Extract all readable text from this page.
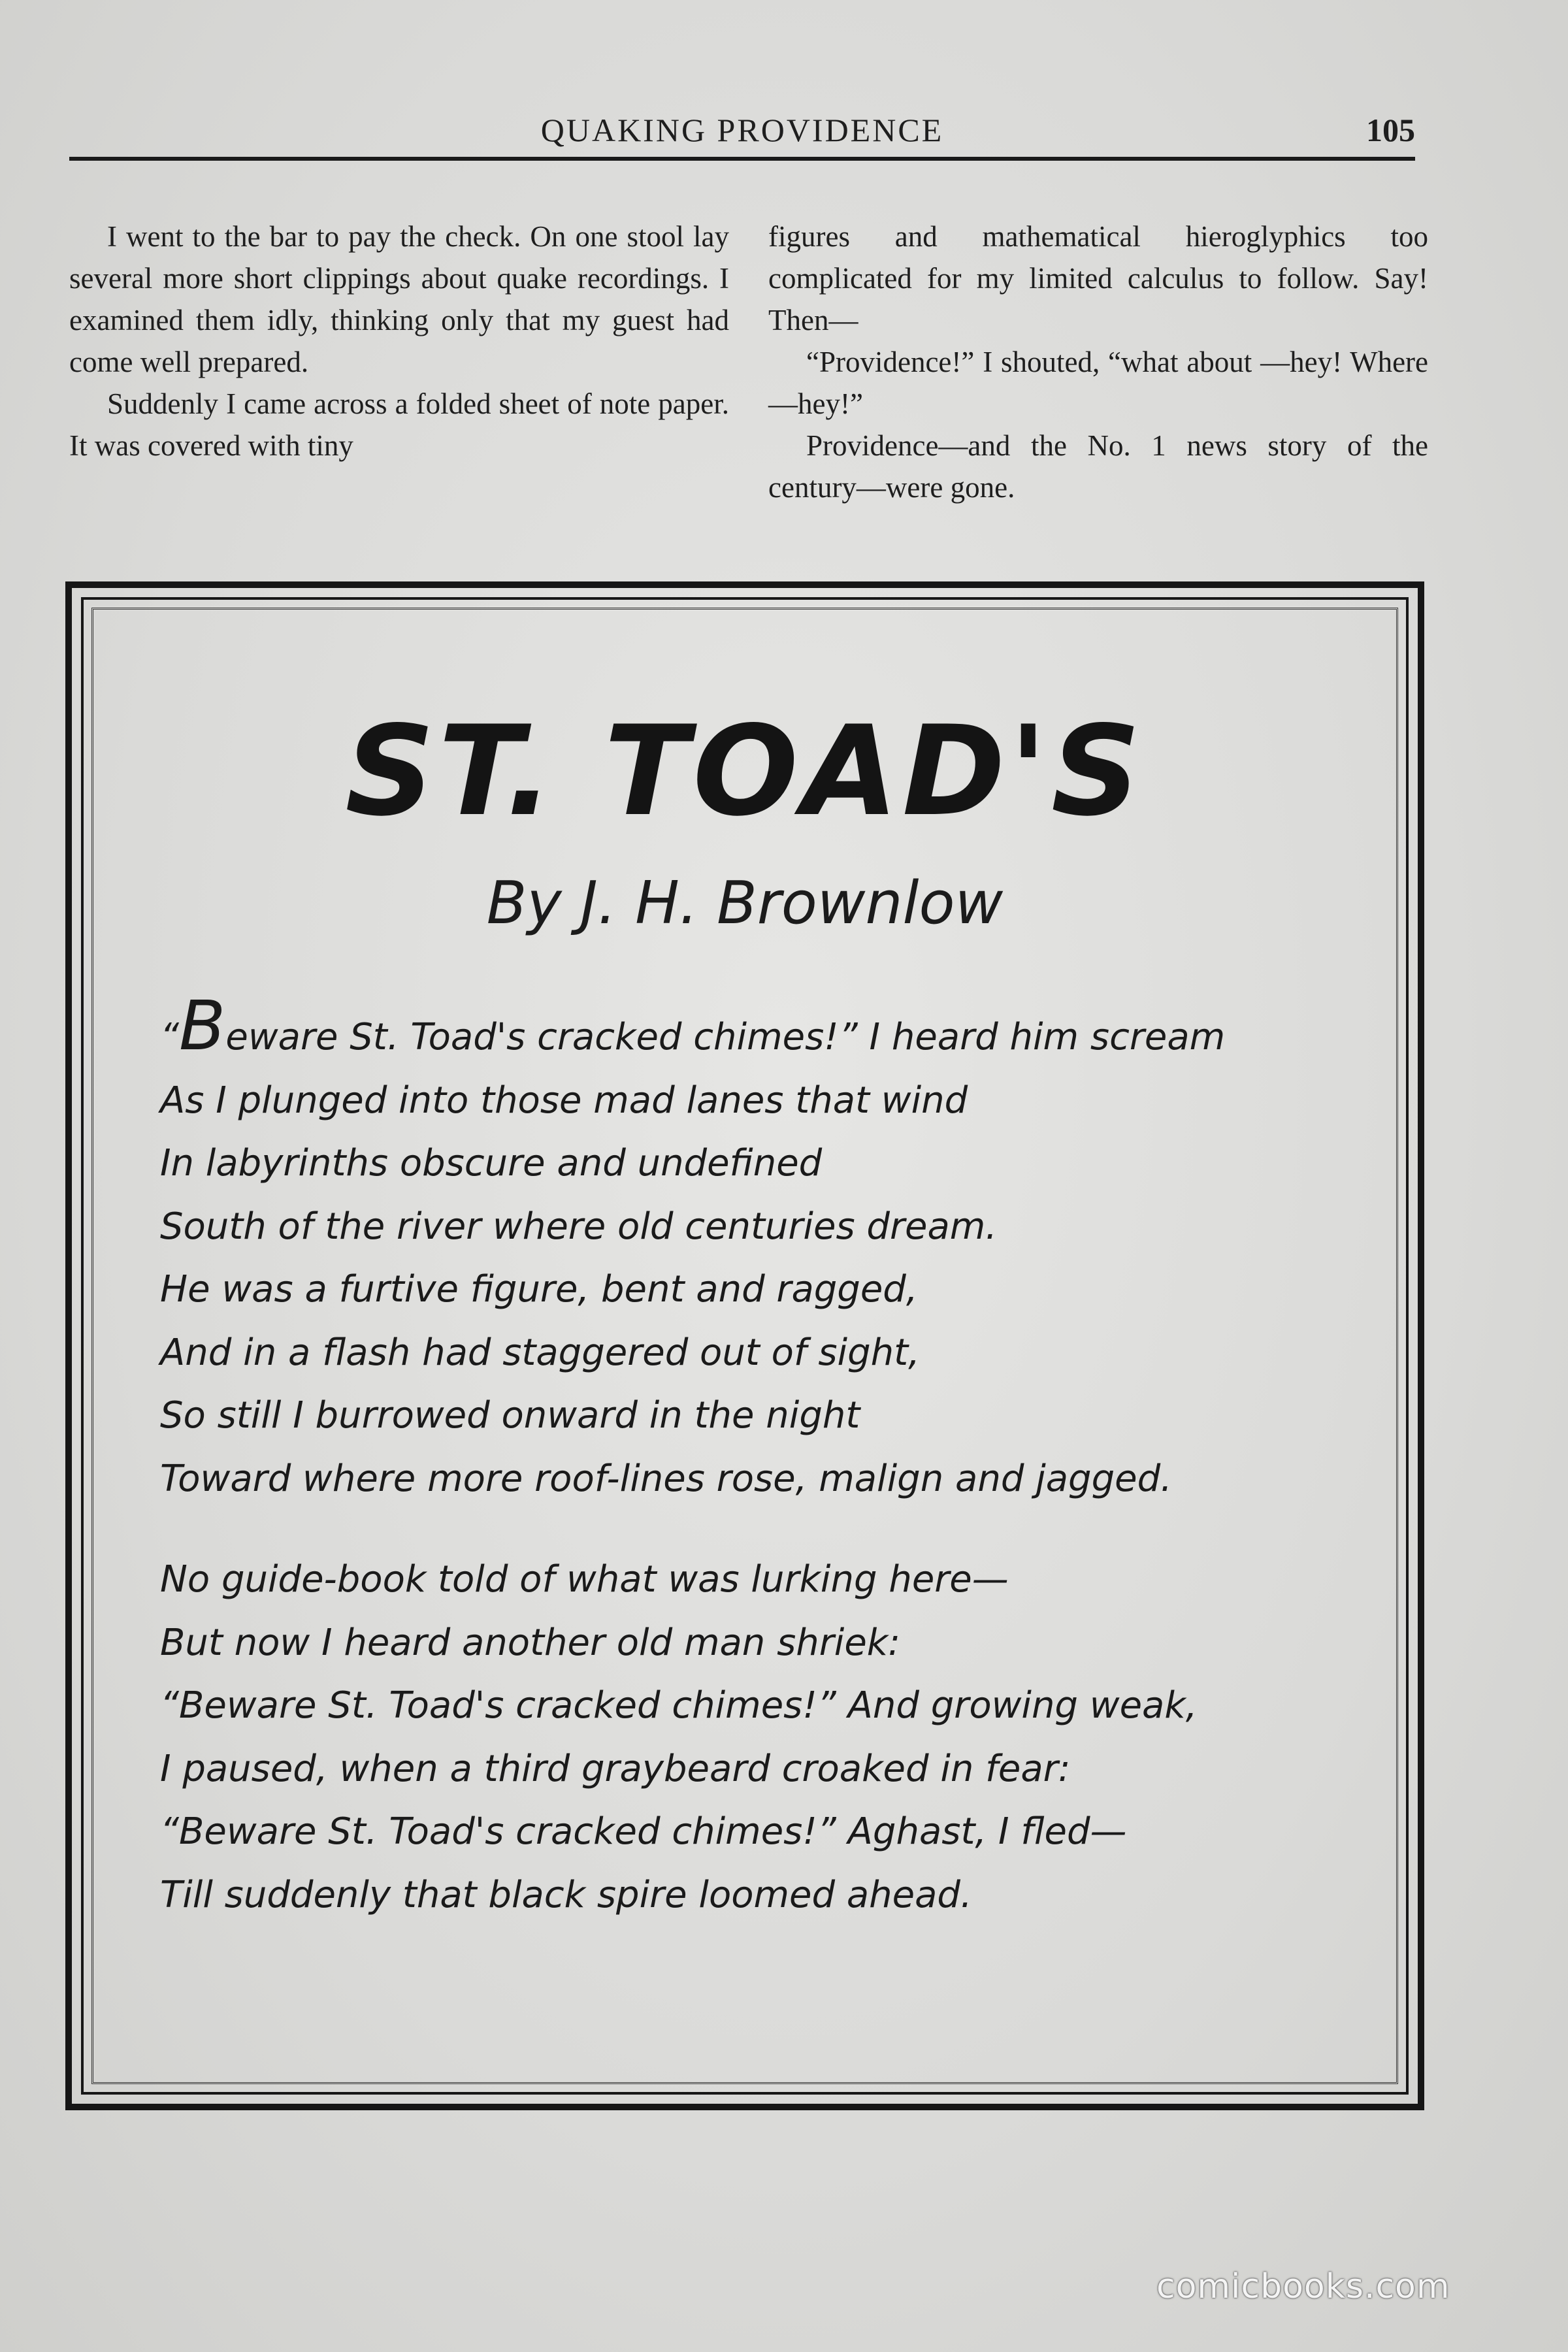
QUAKING PROVIDENCE	105

I went to the bar to pay the check. On one stool lay several more short clippings about quake recordings. I examined them idly, thinking only that my guest had come well prepared.

Suddenly I came across a folded sheet of note paper. It was covered with tiny

figures and mathematical hieroglyphics too complicated for my limited calculus to follow. Say! Then—

“Providence!” I shouted, “what about —hey! Where—hey!”

Providence—and the No. 1 news story of the century—were gone.

ST. TOAD'S
By J. H. Brownlow
“Beware St. Toad's cracked chimes!” I heard him scream
As I plunged into those mad lanes that wind
In labyrinths obscure and undefined
South of the river where old centuries dream.
He was a furtive figure, bent and ragged,
And in a flash had staggered out of sight,
So still I burrowed onward in the night
Toward where more roof-lines rose, malign and jagged.
No guide-book told of what was lurking here—
But now I heard another old man shriek:
“Beware St. Toad's cracked chimes!” And growing weak,
I paused, when a third graybeard croaked in fear:
“Beware St. Toad's cracked chimes!” Aghast, I fled—
Till suddenly that black spire loomed ahead.
comicbooks.com
